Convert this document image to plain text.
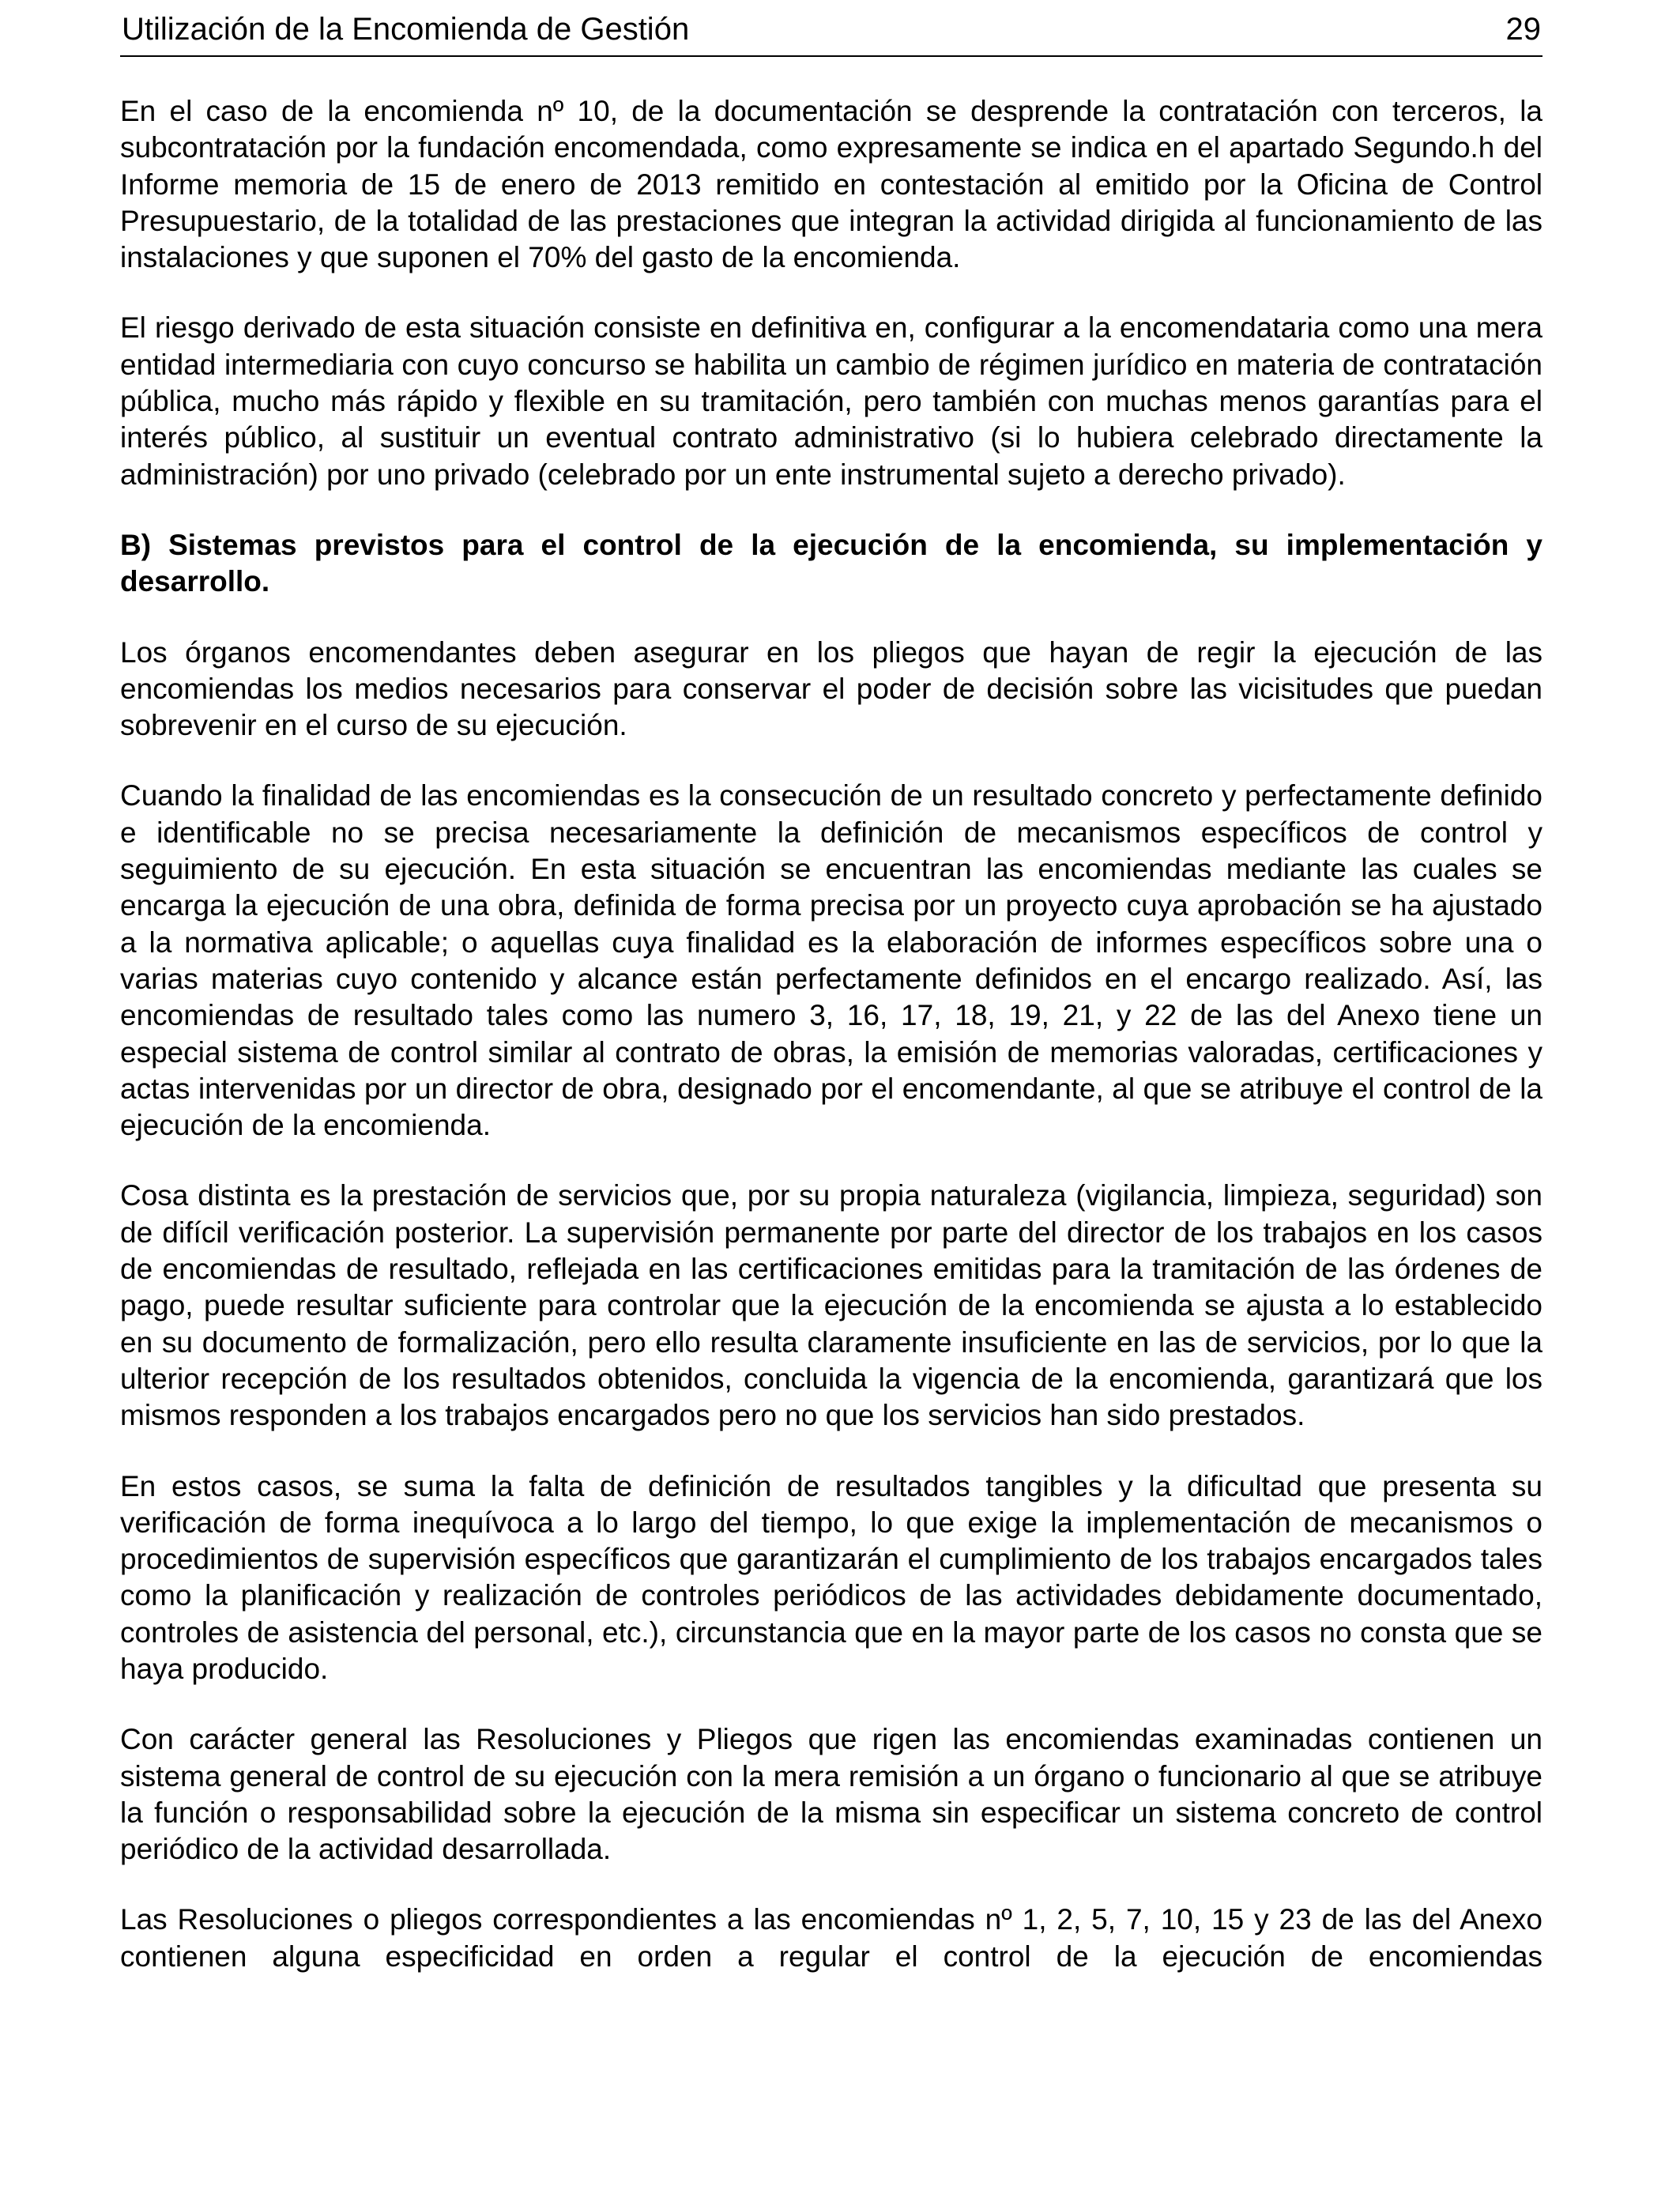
Utilización de la Encomienda de Gestión	29

En el caso de la encomienda nº 10, de la documentación se desprende la contratación con terceros, la subcontratación por la fundación encomendada, como expresamente se indica en el apartado Segundo.h del Informe memoria de 15 de enero de 2013 remitido en contestación al emitido por la Oficina de Control Presupuestario, de la totalidad de las prestaciones que integran la actividad dirigida al funcionamiento de las instalaciones y que suponen el 70% del gasto de la encomienda.

El riesgo derivado de esta situación consiste en definitiva en, configurar a la encomendataria como una mera entidad intermediaria con cuyo concurso se habilita un cambio de régimen jurídico en materia de contratación pública, mucho más rápido y flexible en su tramitación, pero también con muchas menos garantías para el interés público, al sustituir un eventual contrato administrativo (si lo hubiera celebrado directamente la administración) por uno privado (celebrado por un ente instrumental sujeto a derecho privado).

B) Sistemas previstos para el control de la ejecución de la encomienda, su implementación y desarrollo.

Los órganos encomendantes deben asegurar en los pliegos que hayan de regir la ejecución de las encomiendas los medios necesarios para conservar el poder de decisión sobre las vicisitudes que puedan sobrevenir en el curso de su ejecución.

Cuando la finalidad de las encomiendas es la consecución de un resultado concreto y perfectamente definido e identificable no se precisa necesariamente la definición de mecanismos específicos de control y seguimiento de su ejecución. En esta situación se encuentran las encomiendas mediante las cuales se encarga la ejecución de una obra, definida de forma precisa por un proyecto cuya aprobación se ha ajustado a la normativa aplicable; o aquellas cuya finalidad es la elaboración de informes específicos sobre una o varias materias cuyo contenido y alcance están perfectamente definidos en el encargo realizado. Así, las encomiendas de resultado tales como las numero 3, 16, 17, 18, 19, 21, y 22 de las del Anexo tiene un especial sistema de control similar al contrato de obras, la emisión de memorias valoradas, certificaciones y actas intervenidas por un director de obra, designado por el encomendante, al que se atribuye el control de la ejecución de la encomienda.

Cosa distinta es la prestación de servicios que, por su propia naturaleza (vigilancia, limpieza, seguridad) son de difícil verificación posterior. La supervisión permanente por parte del director de los trabajos en los casos de encomiendas de resultado, reflejada en las certificaciones emitidas para la tramitación de las órdenes de pago, puede resultar suficiente para controlar que la ejecución de la encomienda se ajusta a lo establecido en su documento de formalización, pero ello resulta claramente insuficiente en las de servicios, por lo que la ulterior recepción de los resultados obtenidos, concluida la vigencia de la encomienda, garantizará que los mismos responden a los trabajos encargados pero no que los servicios han sido prestados.

En estos casos, se suma la falta de definición de resultados tangibles y la dificultad que presenta su verificación de forma inequívoca a lo largo del tiempo, lo que exige la implementación de mecanismos o procedimientos de supervisión específicos que garantizarán el cumplimiento de los trabajos encargados tales como la planificación y realización de controles periódicos de las actividades debidamente documentado, controles de asistencia del personal, etc.), circunstancia que en la mayor parte de los casos no consta que se haya producido.

Con carácter general las Resoluciones y Pliegos que rigen las encomiendas examinadas contienen un sistema general de control de su ejecución con la mera remisión a un órgano o funcionario al que se atribuye la función o responsabilidad sobre la ejecución de la misma sin especificar un sistema concreto de control periódico de la actividad desarrollada.

Las Resoluciones o pliegos correspondientes a las encomiendas nº 1, 2, 5, 7, 10, 15 y 23 de las del Anexo contienen alguna especificidad en orden a regular el control de la ejecución de encomiendas
